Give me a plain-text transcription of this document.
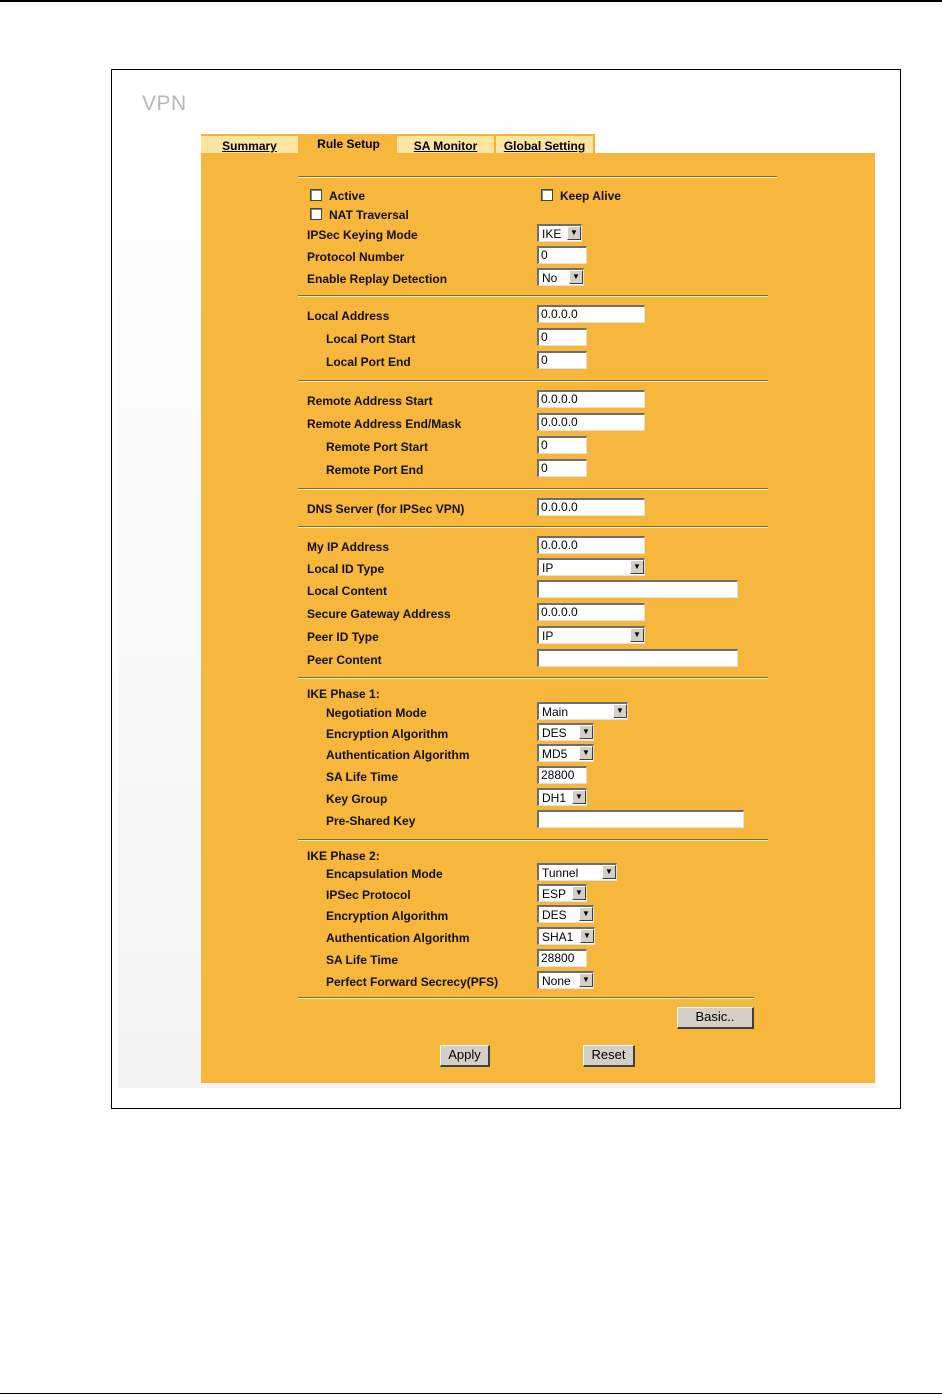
VPN
Summary	Rule Setup	SA Monitor	Global Setting
Active	Keep Alive
NAT Traversal
IPSec Keying Mode	IKE	▼
Protocol Number	0
Enable Replay Detection	No	▼
Local Address	0.0.0.0
Local Port Start	0
Local Port End	0
Remote Address Start	0.0.0.0
Remote Address End/Mask	0.0.0.0
Remote Port Start	0
Remote Port End	0
DNS Server (for IPSec VPN)	0.0.0.0
My IP Address	0.0.0.0
Local ID Type	IP	▼
Local Content
Secure Gateway Address	0.0.0.0
Peer ID Type	IP	▼
Peer Content
IKE Phase 1:
Negotiation Mode	Main	▼
Encryption Algorithm	DES	▼
Authentication Algorithm	MD5	▼
SA Life Time	28800
Key Group	DH1	▼
Pre-Shared Key
IKE Phase 2:
Encapsulation Mode	Tunnel	▼
IPSec Protocol	ESP	▼
Encryption Algorithm	DES	▼
Authentication Algorithm	SHA1	▼
SA Life Time	28800
Perfect Forward Secrecy(PFS)	None	▼
Basic..
Apply	Reset
